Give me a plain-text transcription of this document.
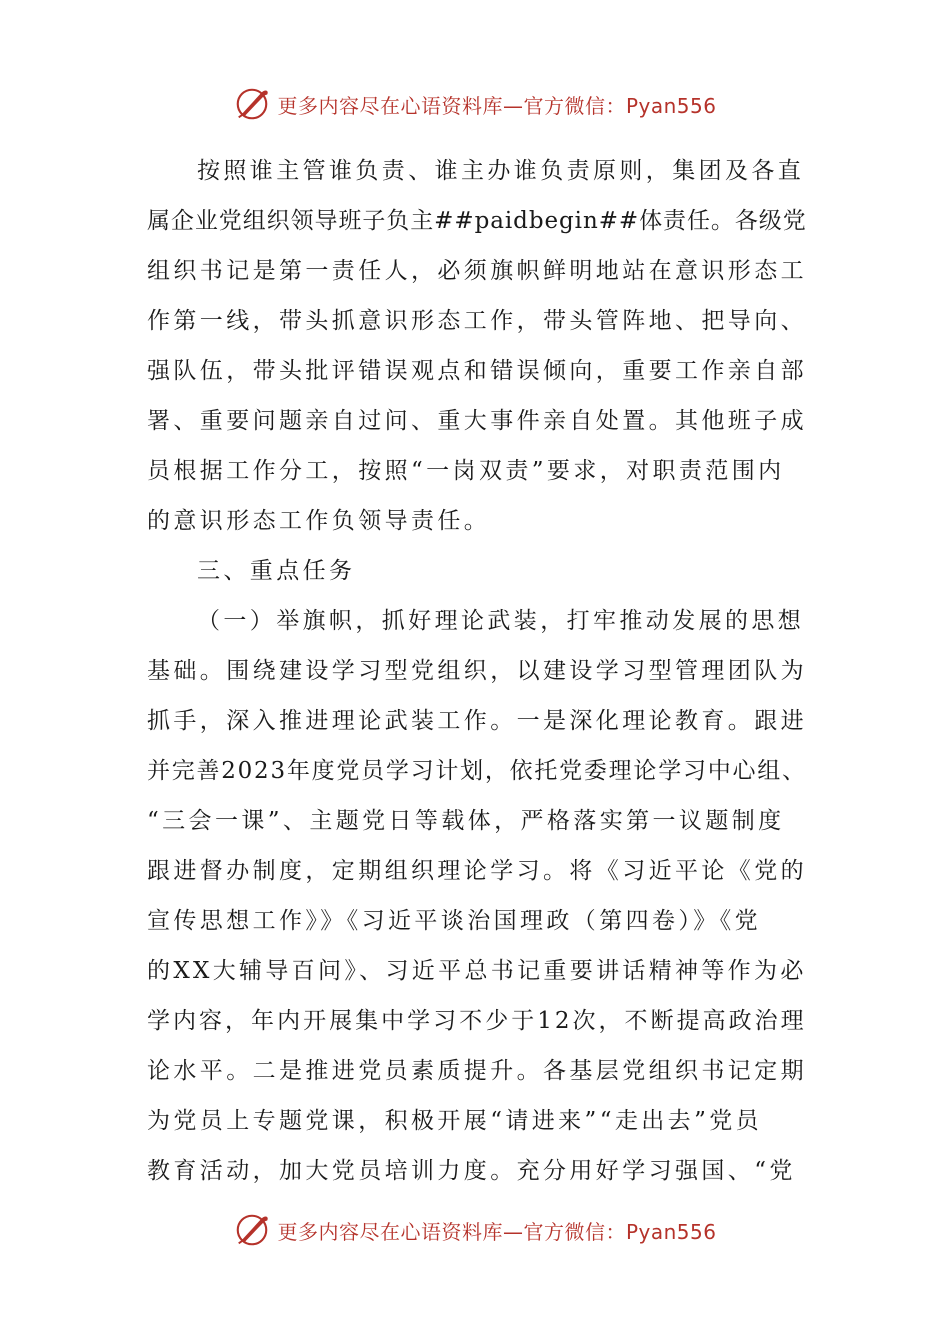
更多内容尽在心语资料库—官方微信：Pyan556
按照谁主管谁负责、谁主办谁负责原则，集团及各直
属企业党组织领导班子负主##paidbegin##体责任。各级党
组织书记是第一责任人，必须旗帜鲜明地站在意识形态工
作第一线，带头抓意识形态工作，带头管阵地、把导向、
强队伍，带头批评错误观点和错误倾向，重要工作亲自部
署、重要问题亲自过问、重大事件亲自处置。其他班子成
员根据工作分工，按照“一岗双责”要求，对职责范围内
的意识形态工作负领导责任。
三、重点任务
（一）举旗帜，抓好理论武装，打牢推动发展的思想
基础。围绕建设学习型党组织，以建设学习型管理团队为
抓手，深入推进理论武装工作。一是深化理论教育。跟进
并完善2023年度党员学习计划，依托党委理论学习中心组、
“三会一课”、主题党日等载体，严格落实第一议题制度
跟进督办制度，定期组织理论学习。将《习近平论《党的
宣传思想工作》》《习近平谈治国理政（第四卷）》《党
的XX大辅导百问》、习近平总书记重要讲话精神等作为必
学内容，年内开展集中学习不少于12次，不断提高政治理
论水平。二是推进党员素质提升。各基层党组织书记定期
为党员上专题党课，积极开展“请进来”“走出去”党员
教育活动，加大党员培训力度。充分用好学习强国、“党
更多内容尽在心语资料库—官方微信：Pyan556
